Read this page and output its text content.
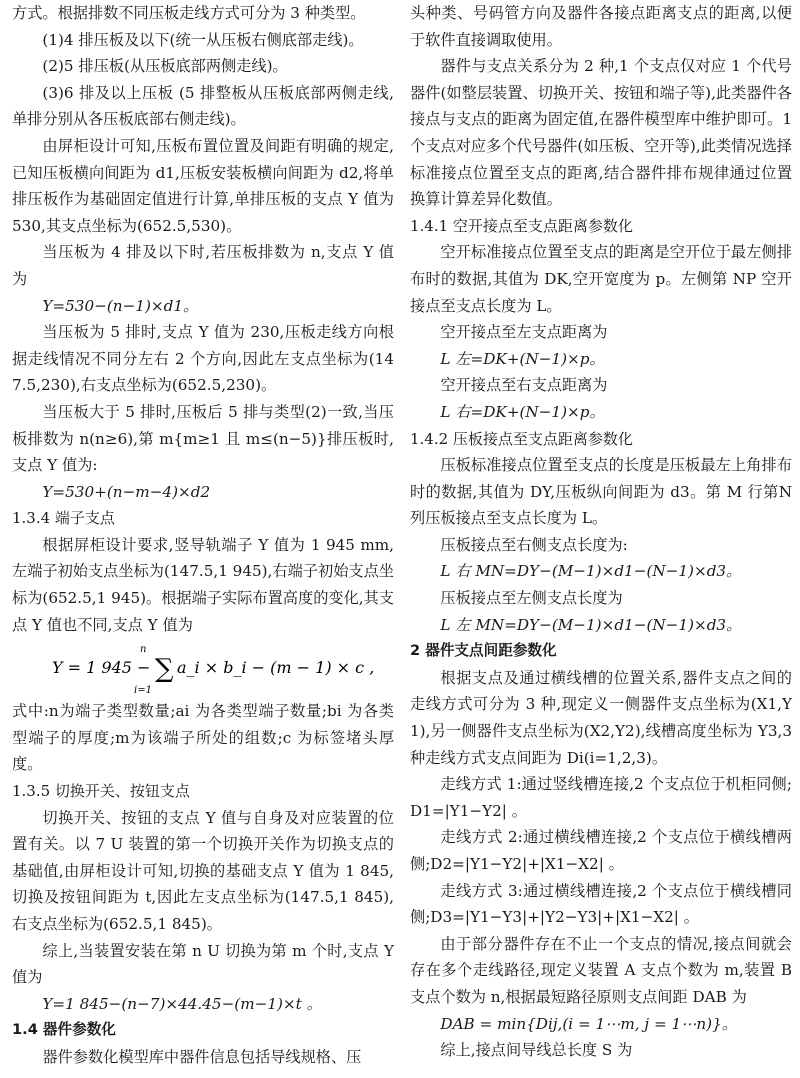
方式。根据排数不同压板走线方式可分为 3 种类型。

(1)4 排压板及以下(统一从压板右侧底部走线)。

(2)5 排压板(从压板底部两侧走线)。

(3)6 排及以上压板 (5 排整板从压板底部两侧走线,单排分别从各压板底部右侧走线)。

由屏柜设计可知,压板布置位置及间距有明确的规定,已知压板横向间距为 d1,压板安装板横向间距为 d2,将单排压板作为基础固定值进行计算,单排压板的支点 Y 值为 530,其支点坐标为(652.5,530)。

当压板为 4 排及以下时,若压板排数为 n,支点 Y 值为

Y=530−(n−1)×d1。

当压板为 5 排时,支点 Y 值为 230,压板走线方向根据走线情况不同分左右 2 个方向,因此左支点坐标为(147.5,230),右支点坐标为(652.5,230)。

当压板大于 5 排时,压板后 5 排与类型(2)一致,当压板排数为 n(n≥6),第 m{m≥1 且 m≤(n−5)}排压板时,支点 Y 值为:

Y=530+(n−m−4)×d2

1.3.4 端子支点

根据屏柜设计要求,竖导轨端子 Y 值为 1 945 mm,左端子初始支点坐标为(147.5,1 945),右端子初始支点坐标为(652.5,1 945)。根据端子实际布置高度的变化,其支点 Y 值也不同,支点 Y 值为

Y = 1 945 −
n
∑
i=1
a_i × b_i − (m − 1) × c ,

式中:n为端子类型数量;ai 为各类型端子数量;bi 为各类型端子的厚度;m为该端子所处的组数;c 为标签堵头厚度。

1.3.5 切换开关、按钮支点

切换开关、按钮的支点 Y 值与自身及对应装置的位置有关。以 7 U 装置的第一个切换开关作为切换支点的基础值,由屏柜设计可知,切换的基础支点 Y 值为 1 845,切换及按钮间距为 t,因此左支点坐标为(147.5,1 845),右支点坐标为(652.5,1 845)。

综上,当装置安装在第 n U 切换为第 m 个时,支点 Y 值为

Y=1 845−(n−7)×44.45−(m−1)×t 。

1.4 器件参数化

器件参数化模型库中器件信息包括导线规格、压

头种类、号码管方向及器件各接点距离支点的距离,以便于软件直接调取使用。

器件与支点关系分为 2 种,1 个支点仅对应 1 个代号器件(如整层装置、切换开关、按钮和端子等),此类器件各接点与支点的距离为固定值,在器件模型库中维护即可。1 个支点对应多个代号器件(如压板、空开等),此类情况选择标准接点位置至支点的距离,结合器件排布规律通过位置换算计算差异化数值。

1.4.1 空开接点至支点距离参数化

空开标准接点位置至支点的距离是空开位于最左侧排布时的数据,其值为 DK,空开宽度为 p。左侧第 NP 空开接点至支点长度为 L。

空开接点至左支点距离为

L 左=DK+(N−1)×p。

空开接点至右支点距离为

L 右=DK+(N−1)×p。

1.4.2 压板接点至支点距离参数化

压板标准接点位置至支点的长度是压板最左上角排布时的数据,其值为 DY,压板纵向间距为 d3。第 M 行第N 列压板接点至支点长度为 L。

压板接点至右侧支点长度为:

L 右 MN=DY−(M−1)×d1−(N−1)×d3。

压板接点至左侧支点长度为

L 左 MN=DY−(M−1)×d1−(N−1)×d3。

2 器件支点间距参数化

根据支点及通过横线槽的位置关系,器件支点之间的走线方式可分为 3 种,现定义一侧器件支点坐标为(X1,Y1),另一侧器件支点坐标为(X2,Y2),线槽高度坐标为 Y3,3 种走线方式支点间距为 Di(i=1,2,3)。

走线方式 1:通过竖线槽连接,2 个支点位于机柜同侧;D1=|Y1−Y2| 。

走线方式 2:通过横线槽连接,2 个支点位于横线槽两侧;D2=|Y1−Y2|+|X1−X2| 。

走线方式 3:通过横线槽连接,2 个支点位于横线槽同侧;D3=|Y1−Y3|+|Y2−Y3|+|X1−X2| 。

由于部分器件存在不止一个支点的情况,接点间就会存在多个走线路径,现定义装置 A 支点个数为 m,装置 B 支点个数为 n,根据最短路径原则支点间距 DAB 为

DAB = min{Dij,(i = 1⋯m, j = 1⋯n)}。

综上,接点间导线总长度 S 为
